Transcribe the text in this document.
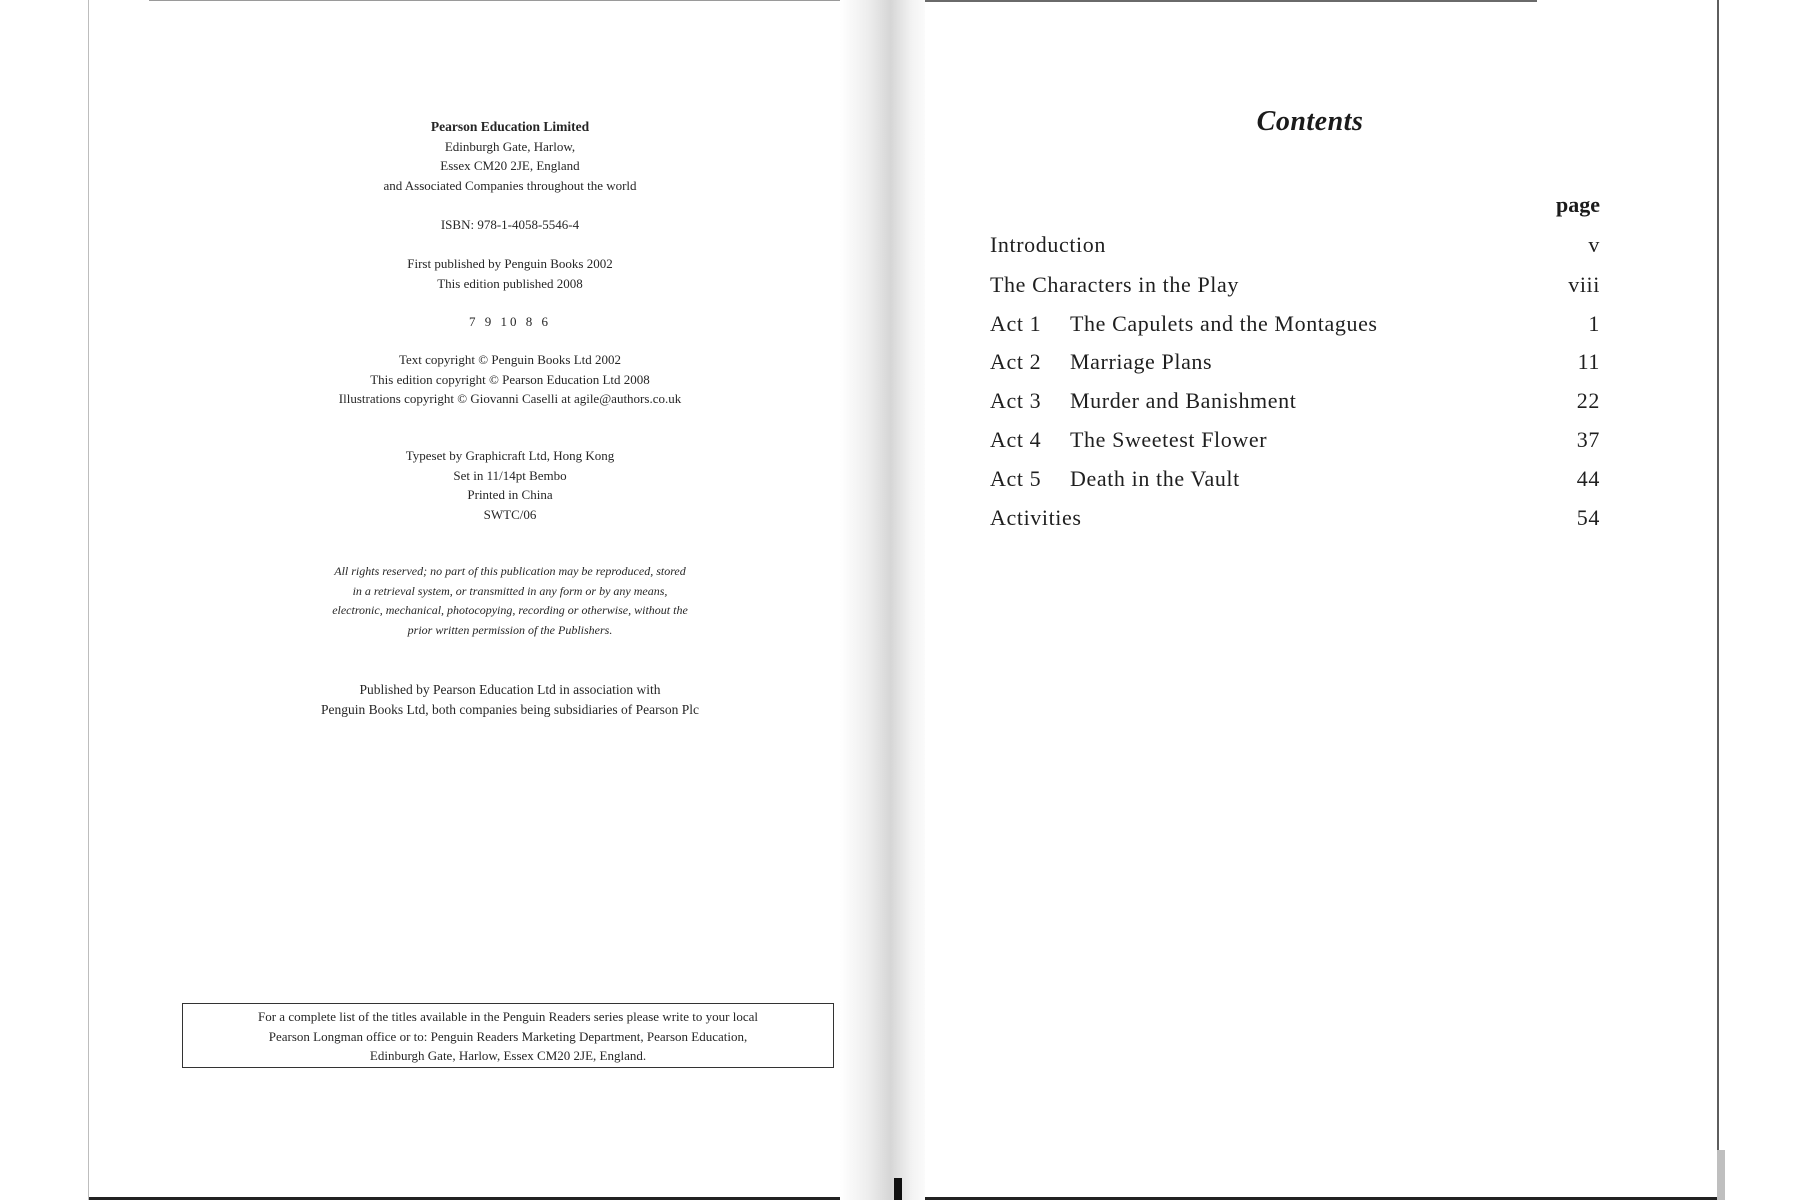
Pearson Education Limited
Edinburgh Gate, Harlow,
Essex CM20 2JE, England
and Associated Companies throughout the world
ISBN: 978-1-4058-5546-4
First published by Penguin Books 2002
This edition published 2008
7 9 10 8 6
Text copyright © Penguin Books Ltd 2002
This edition copyright © Pearson Education Ltd 2008
Illustrations copyright © Giovanni Caselli at agile@authors.co.uk
Typeset by Graphicraft Ltd, Hong Kong
Set in 11/14pt Bembo
Printed in China
SWTC/06
All rights reserved; no part of this publication may be reproduced, stored
in a retrieval system, or transmitted in any form or by any means,
electronic, mechanical, photocopying, recording or otherwise, without the
prior written permission of the Publishers.
Published by Pearson Education Ltd in association with
Penguin Books Ltd, both companies being subsidiaries of Pearson Plc
For a complete list of the titles available in the Penguin Readers series please write to your local
Pearson Longman office or to: Penguin Readers Marketing Department, Pearson Education,
Edinburgh Gate, Harlow, Essex CM20 2JE, England.
Contents
page
Introduction	v
The Characters in the Play	viii
Act 1 The Capulets and the Montagues	1
Act 2 Marriage Plans	11
Act 3 Murder and Banishment	22
Act 4 The Sweetest Flower	37
Act 5 Death in the Vault	44
Activities	54
